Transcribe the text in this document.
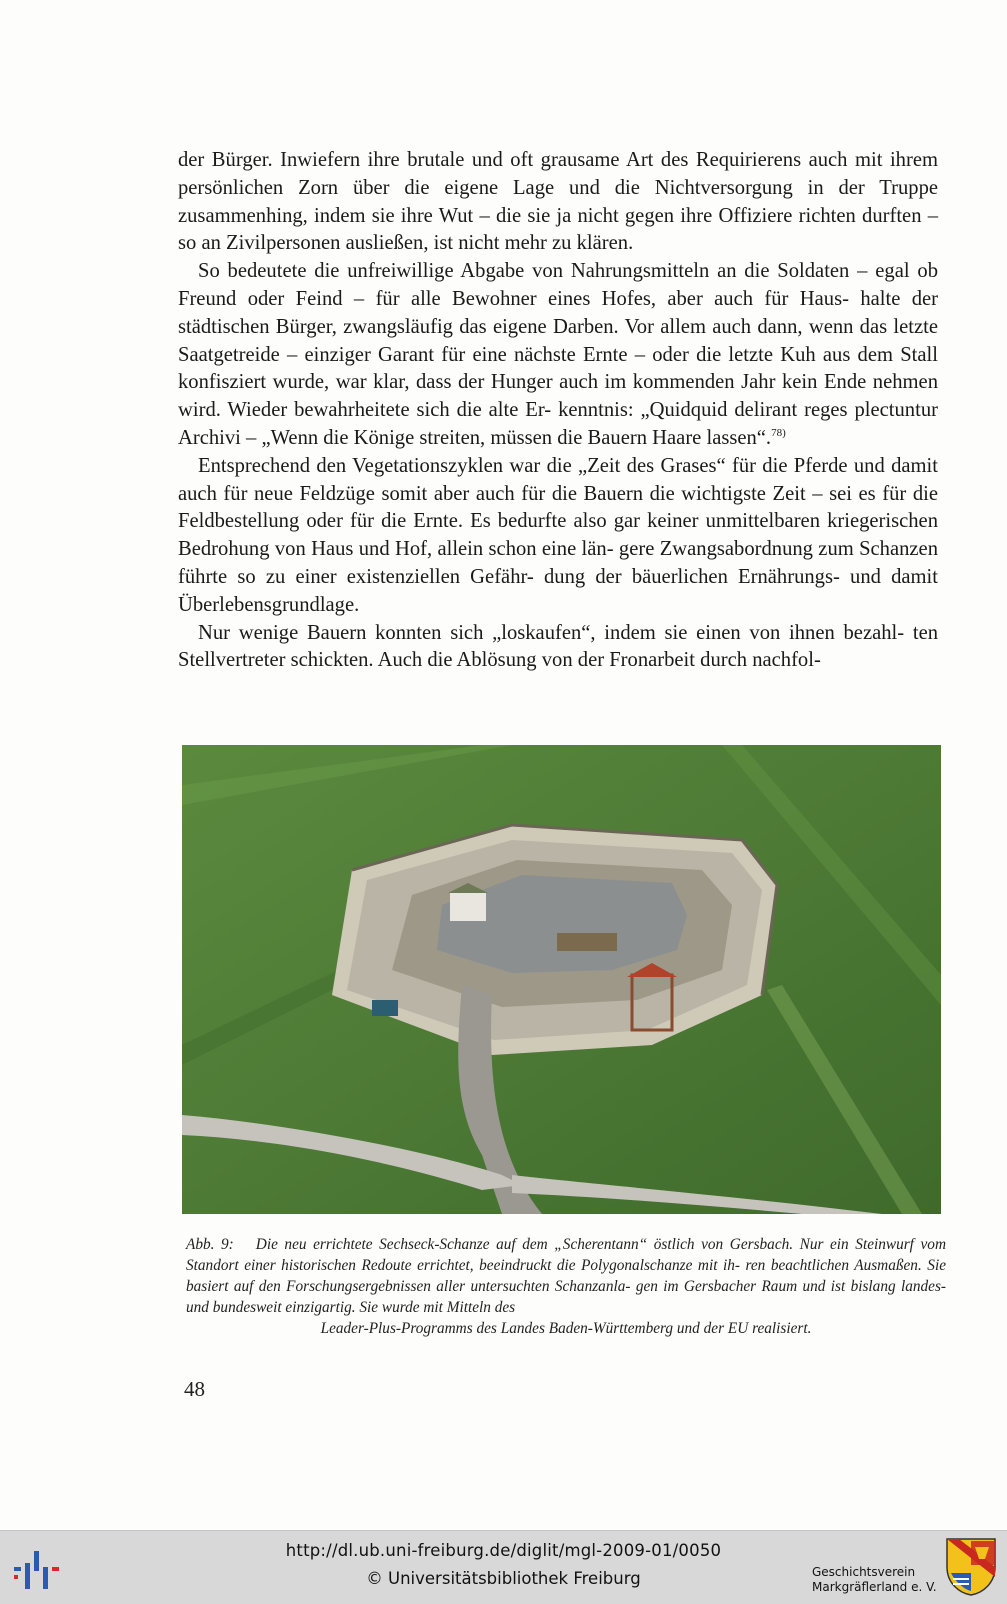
der Bürger. Inwiefern ihre brutale und oft grausame Art des Requirierens auch mit ihrem persönlichen Zorn über die eigene Lage und die Nichtversorgung in der Truppe zusammenhing, indem sie ihre Wut – die sie ja nicht gegen ihre Offiziere richten durften – so an Zivilpersonen ausließen, ist nicht mehr zu klären.

So bedeutete die unfreiwillige Abgabe von Nahrungsmitteln an die Soldaten – egal ob Freund oder Feind – für alle Bewohner eines Hofes, aber auch für Haus- halte der städtischen Bürger, zwangsläufig das eigene Darben. Vor allem auch dann, wenn das letzte Saatgetreide – einziger Garant für eine nächste Ernte – oder die letzte Kuh aus dem Stall konfisziert wurde, war klar, dass der Hunger auch im kommenden Jahr kein Ende nehmen wird. Wieder bewahrheitete sich die alte Er- kenntnis: „Quidquid delirant reges plectuntur Archivi – „Wenn die Könige streiten, müssen die Bauern Haare lassen“.$^{78)}$

Entsprechend den Vegetationszyklen war die „Zeit des Grases“ für die Pferde und damit auch für neue Feldzüge somit aber auch für die Bauern die wichtigste Zeit – sei es für die Feldbestellung oder für die Ernte. Es bedurfte also gar keiner unmittelbaren kriegerischen Bedrohung von Haus und Hof, allein schon eine län- gere Zwangsabordnung zum Schanzen führte so zu einer existenziellen Gefähr- dung der bäuerlichen Ernährungs- und damit Überlebensgrundlage.

Nur wenige Bauern konnten sich „loskaufen“, indem sie einen von ihnen bezahl- ten Stellvertreter schickten. Auch die Ablösung von der Fronarbeit durch nachfol-

Abb. 9: Die neu errichtete Sechseck-Schanze auf dem „Scherentann“ östlich von Gersbach. Nur ein Steinwurf vom Standort einer historischen Redoute errichtet, beeindruckt die Polygonalschanze mit ih- ren beachtlichen Ausmaßen. Sie basiert auf den Forschungsergebnissen aller untersuchten Schanzanla- gen im Gersbacher Raum und ist bislang landes- und bundesweit einzigartig. Sie wurde mit Mitteln des
Leader-Plus-Programms des Landes Baden-Württemberg und der EU realisiert.
48
http://dl.ub.uni-freiburg.de/diglit/mgl-2009-01/0050
© Universitätsbibliothek Freiburg	Geschichtsverein
Markgräflerland e. V.
